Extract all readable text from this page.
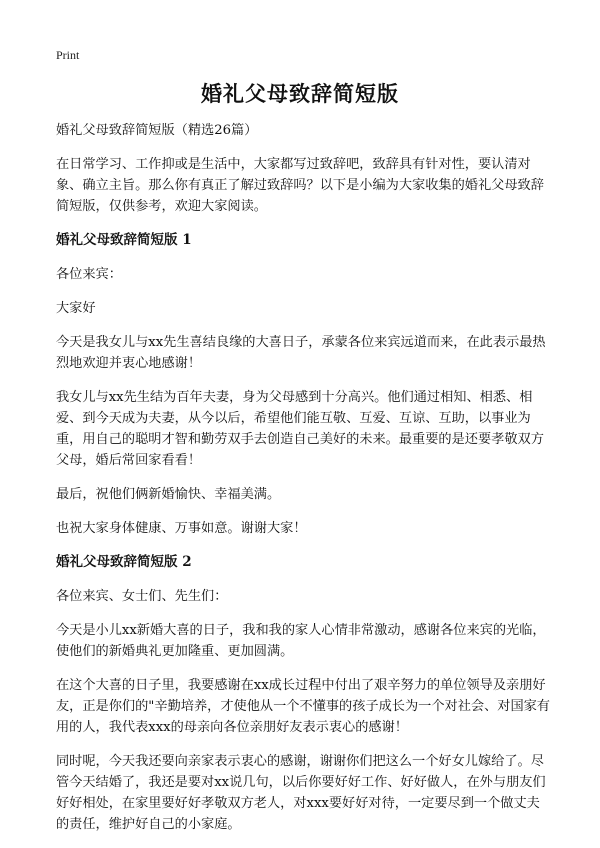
Print
婚礼父母致辞简短版

婚礼父母致辞简短版（精选26篇）

在日常学习、工作抑或是生活中，大家都写过致辞吧，致辞具有针对性，要认清对象、确立主旨。那么你有真正了解过致辞吗？以下是小编为大家收集的婚礼父母致辞简短版，仅供参考，欢迎大家阅读。

婚礼父母致辞简短版 1

各位来宾：

大家好

今天是我女儿与xx先生喜结良缘的大喜日子，承蒙各位来宾远道而来，在此表示最热烈地欢迎并衷心地感谢！

我女儿与xx先生结为百年夫妻，身为父母感到十分高兴。他们通过相知、相悉、相爱、到今天成为夫妻，从今以后，希望他们能互敬、互爱、互谅、互助，以事业为重，用自己的聪明才智和勤劳双手去创造自己美好的未来。最重要的是还要孝敬双方父母，婚后常回家看看！

最后，祝他们俩新婚愉快、幸福美满。

也祝大家身体健康、万事如意。谢谢大家！

婚礼父母致辞简短版 2

各位来宾、女士们、先生们：

今天是小儿xx新婚大喜的日子，我和我的家人心情非常激动，感谢各位来宾的光临，使他们的新婚典礼更加隆重、更加圆满。

在这个大喜的日子里，我要感谢在xx成长过程中付出了艰辛努力的单位领导及亲朋好友，正是你们的"辛勤培养，才使他从一个不懂事的孩子成长为一个对社会、对国家有用的人，我代表xxx的母亲向各位亲朋好友表示衷心的感谢！

同时呢，今天我还要向亲家表示衷心的感谢，谢谢你们把这么一个好女儿嫁给了。尽管今天结婚了，我还是要对xx说几句，以后你要好好工作、好好做人，在外与朋友们好好相处，在家里要好好孝敬双方老人，对xxx要好好对待，一定要尽到一个做丈夫的责任，维护好自己的小家庭。
